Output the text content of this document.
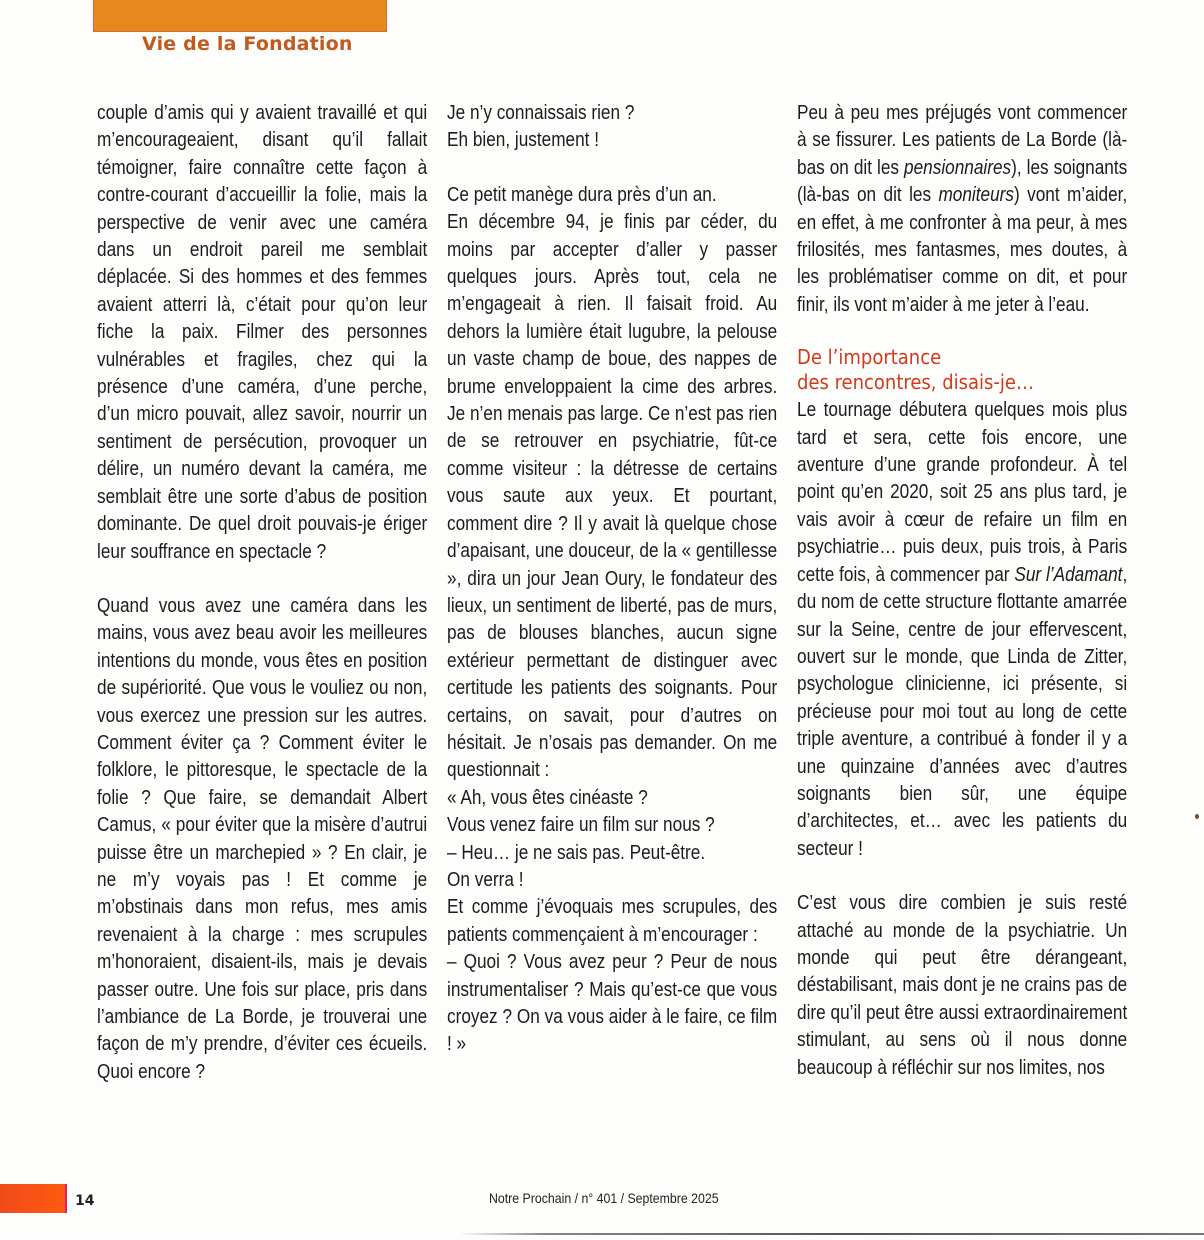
Vie de la Fondation

couple d’amis qui y avaient travaillé et qui m’encourageaient, disant qu’il fallait témoigner, faire connaître cette façon à contre-courant d’accueillir la folie, mais la perspective de venir avec une caméra dans un endroit pareil me semblait déplacée. Si des hommes et des femmes avaient atterri là, c’était pour qu’on leur fiche la paix. Filmer des personnes vulnérables et fragiles, chez qui la présence d’une caméra, d’une perche, d’un micro pouvait, allez savoir, nourrir un sentiment de persécution, provoquer un délire, un numéro devant la caméra, me semblait être une sorte d’abus de position dominante. De quel droit pouvais-je ériger leur souffrance en spectacle ?

Quand vous avez une caméra dans les mains, vous avez beau avoir les meilleures intentions du monde, vous êtes en position de supériorité. Que vous le vouliez ou non, vous exercez une pression sur les autres. Comment éviter ça ? Comment éviter le folklore, le pittoresque, le spectacle de la folie ? Que faire, se demandait Albert Camus, « pour éviter que la misère d’autrui puisse être un marchepied » ? En clair, je ne m’y voyais pas ! Et comme je m’obstinais dans mon refus, mes amis revenaient à la charge : mes scrupules m’honoraient, disaient-ils, mais je devais passer outre. Une fois sur place, pris dans l’ambiance de La Borde, je trouverai une façon de m’y prendre, d’éviter ces écueils. Quoi encore ?

Je n’y connaissais rien ?

Eh bien, justement !

Ce petit manège dura près d’un an.

En décembre 94, je finis par céder, du moins par accepter d’aller y passer quelques jours. Après tout, cela ne m’engageait à rien. Il faisait froid. Au dehors la lumière était lugubre, la pelouse un vaste champ de boue, des nappes de brume enveloppaient la cime des arbres. Je n’en menais pas large. Ce n’est pas rien de se retrouver en psychiatrie, fût-ce comme visiteur : la détresse de certains vous saute aux yeux. Et pourtant, comment dire ? Il y avait là quelque chose d’apaisant, une douceur, de la « gentillesse », dira un jour Jean Oury, le fondateur des lieux, un sentiment de liberté, pas de murs, pas de blouses blanches, aucun signe extérieur permettant de distinguer avec certitude les patients des soignants. Pour certains, on savait, pour d’autres on hésitait. Je n’osais pas demander. On me questionnait :

« Ah, vous êtes cinéaste ?

Vous venez faire un film sur nous ?

– Heu… je ne sais pas. Peut-être.

On verra !

Et comme j’évoquais mes scrupules, des patients commençaient à m’encourager :

– Quoi ? Vous avez peur ? Peur de nous instrumentaliser ? Mais qu’est-ce que vous croyez ? On va vous aider à le faire, ce film ! »

Peu à peu mes préjugés vont commencer à se fissurer. Les patients de La Borde (là-bas on dit les pensionnaires), les soignants (là-bas on dit les moniteurs) vont m’aider, en effet, à me confronter à ma peur, à mes frilosités, mes fantasmes, mes doutes, à les problématiser comme on dit, et pour finir, ils vont m’aider à me jeter à l’eau.

De l’importance
des rencontres, disais-je…

Le tournage débutera quelques mois plus tard et sera, cette fois encore, une aventure d’une grande profondeur. À tel point qu’en 2020, soit 25 ans plus tard, je vais avoir à cœur de refaire un film en psychiatrie… puis deux, puis trois, à Paris cette fois, à commencer par Sur l’Adamant, du nom de cette structure flottante amarrée sur la Seine, centre de jour effervescent, ouvert sur le monde, que Linda de Zitter, psychologue clinicienne, ici présente, si précieuse pour moi tout au long de cette triple aventure, a contribué à fonder il y a une quinzaine d’années avec d’autres soignants bien sûr, une équipe d’architectes, et… avec les patients du secteur !

C’est vous dire combien je suis resté attaché au monde de la psychiatrie. Un monde qui peut être dérangeant, déstabilisant, mais dont je ne crains pas de dire qu’il peut être aussi extraordinairement stimulant, au sens où il nous donne beaucoup à réfléchir sur nos limites, nos

14	Notre Prochain / n° 401 / Septembre 2025
